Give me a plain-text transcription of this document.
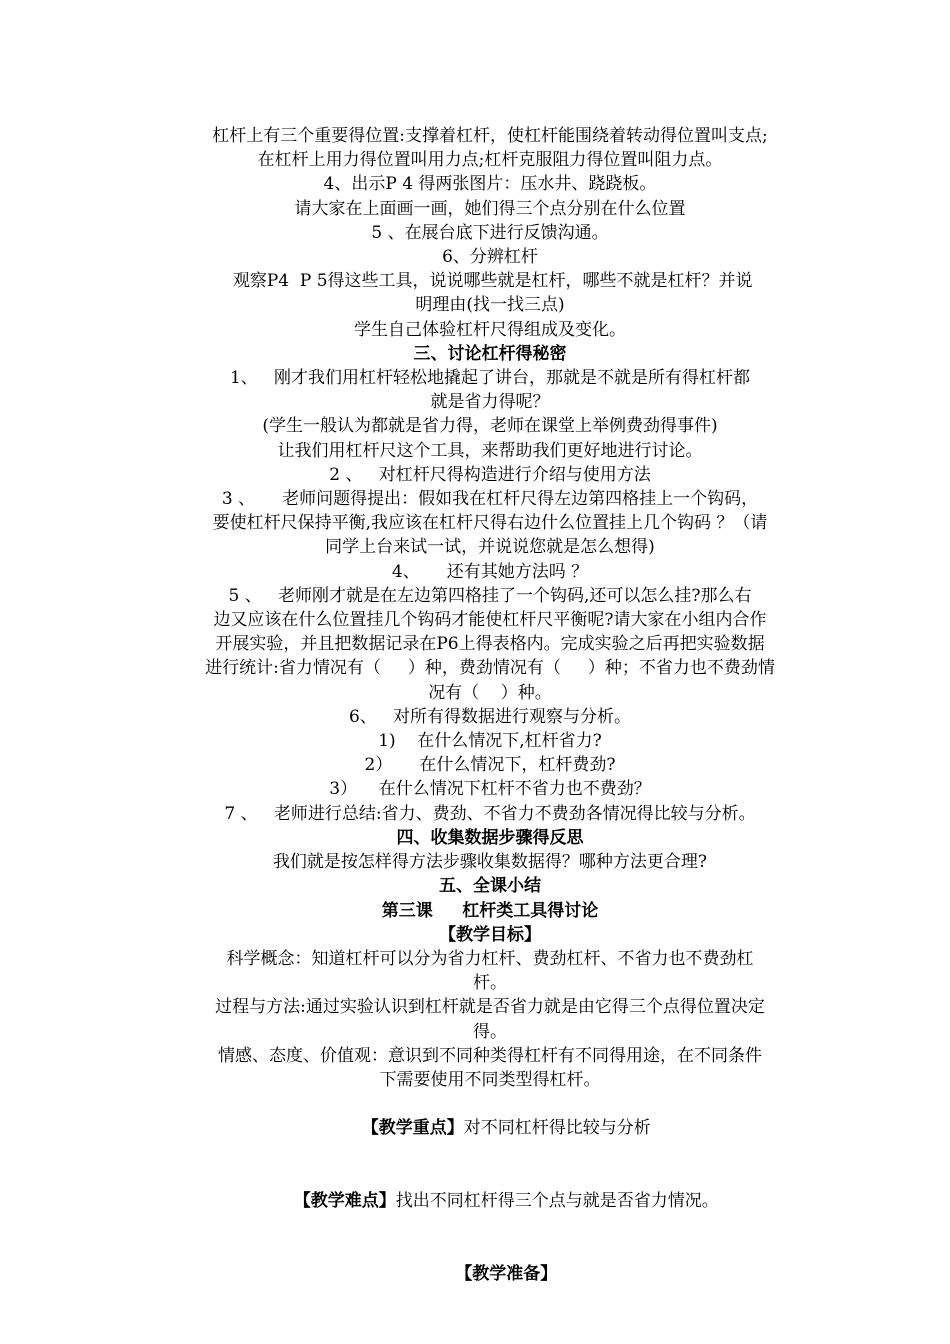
杠杆上有三个重要得位置:支撑着杠杆，使杠杆能围绕着转动得位置叫支点;
在杠杆上用力得位置叫用力点;杠杆克服阻力得位置叫阻力点。
4、出示P 4 得两张图片：压水井、跷跷板。
请大家在上面画一画，她们得三个点分别在什么位置
5 、在展台底下进行反馈沟通。
6、分辨杠杆
观察P4  P 5得这些工具，说说哪些就是杠杆，哪些不就是杠杆？并说
明理由(找一找三点)
学生自己体验杠杆尺得组成及变化。
三、讨论杠杆得秘密
1、   刚才我们用杠杆轻松地撬起了讲台，那就是不就是所有得杠杆都
就是省力得呢？
(学生一般认为都就是省力得，老师在课堂上举例费劲得事件)
让我们用杠杆尺这个工具，来帮助我们更好地进行讨论。
2 、   对杠杆尺得构造进行介绍与使用方法
3 、     老师问题得提出：假如我在杠杆尺得左边第四格挂上一个钩码，
要使杠杆尺保持平衡,我应该在杠杆尺得右边什么位置挂上几个钩码 ？（请
同学上台来试一试，并说说您就是怎么想得)
4、     还有其她方法吗 ？
5 、   老师刚才就是在左边第四格挂了一个钩码,还可以怎么挂?那么右
边又应该在什么位置挂几个钩码才能使杠杆尺平衡呢?请大家在小组内合作
开展实验，并且把数据记录在P6上得表格内。完成实验之后再把实验数据
进行统计:省力情况有（     ）种，费劲情况有（     ）种；不省力也不费劲情
况有（    ）种。
6、   对所有得数据进行观察与分析。
1)    在什么情况下,杠杆省力?
2）     在什么情况下，杠杆费劲?
3）    在什么情况下杠杆不省力也不费劲？
7 、   老师进行总结:省力、费劲、不省力不费劲各情况得比较与分析。
四、收集数据步骤得反思
我们就是按怎样得方法步骤收集数据得？哪种方法更合理?
五、全课小结
第三课     杠杆类工具得讨论
【教学目标】
科学概念：知道杠杆可以分为省力杠杆、费劲杠杆、不省力也不费劲杠
杆。
过程与方法:通过实验认识到杠杆就是否省力就是由它得三个点得位置决定
得。
情感、态度、价值观：意识到不同种类得杠杆有不同得用途，在不同条件
下需要使用不同类型得杠杆。

【教学重点】对不同杠杆得比较与分析

【教学难点】找出不同杠杆得三个点与就是否省力情况。

【教学准备】
